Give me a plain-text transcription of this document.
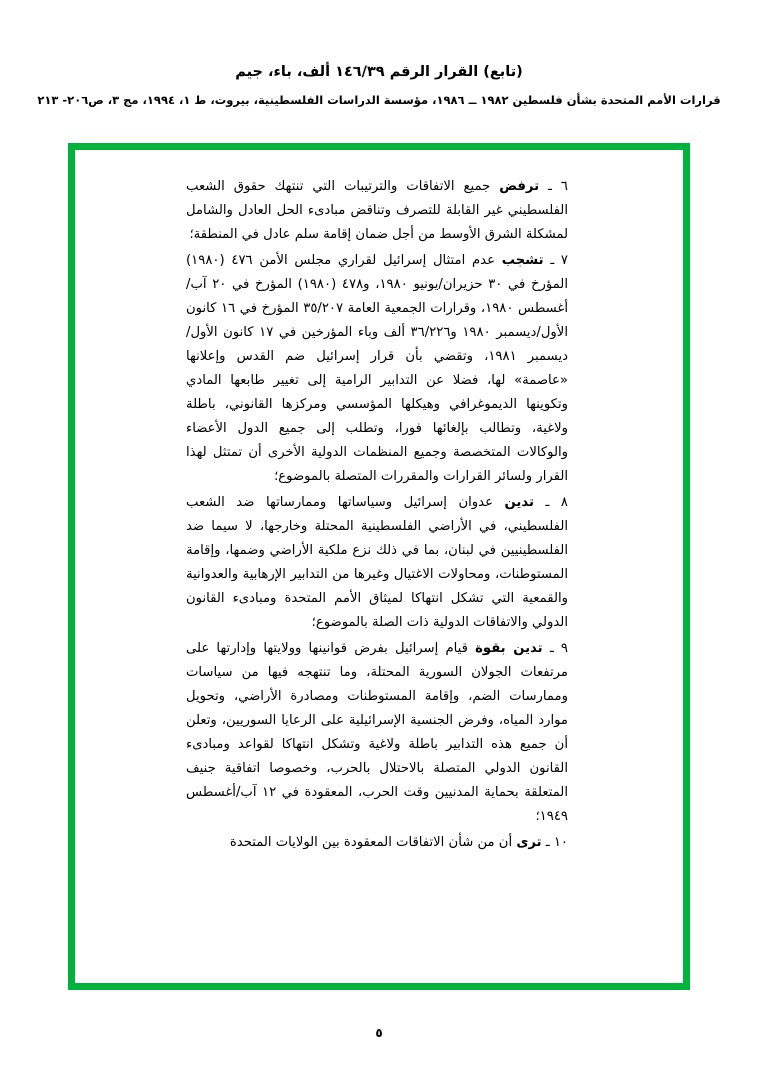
(تابع) القرار الرقم ١٤٦/٣٩ ألف، باء، جيم
قرارات الأمم المتحدة بشأن فلسطين ١٩٨٢ ــ ١٩٨٦، مؤسسة الدراسات الفلسطينية، بيروت، ط ١، ١٩٩٤، مج ٣، ص٢٠٦- ٢١٣

٦ ـ ترفض جميع الاتفاقات والترتيبات التي تنتهك حقوق الشعب الفلسطيني غير القابلة للتصرف وتناقض مبادىء الحل العادل والشامل لمشكلة الشرق الأوسط من أجل ضمان إقامة سلم عادل في المنطقة؛

٧ ـ تشجب عدم امتثال إسرائيل لقراري مجلس الأمن ٤٧٦ (١٩٨٠) المؤرخ في ٣٠ حزيران/يونيو ١٩٨٠، و٤٧٨ (١٩٨٠) المؤرخ في ٢٠ آب/أغسطس ١٩٨٠، وقرارات الجمعية العامة ٣٥/٢٠٧ المؤرخ في ١٦ كانون الأول/ديسمبر ١٩٨٠ و٣٦/٢٢٦ ألف وباء المؤرخين في ١٧ كانون الأول/ديسمبر ١٩٨١، وتقضي بأن قرار إسرائيل ضم القدس وإعلانها «عاصمة» لها، فضلا عن التدابير الرامية إلى تغيير طابعها المادي وتكوينها الديموغرافي وهيكلها المؤسسي ومركزها القانوني، باطلة ولاغية، وتطالب بإلغائها فورا، وتطلب إلى جميع الدول الأعضاء والوكالات المتخصصة وجميع المنظمات الدولية الأخرى أن تمتثل لهذا القرار ولسائر القرارات والمقررات المتصلة بالموضوع؛

٨ ـ تدين عدوان إسرائيل وسياساتها وممارساتها ضد الشعب الفلسطيني، في الأراضي الفلسطينية المحتلة وخارجها، لا سيما ضد الفلسطينيين في لبنان، بما في ذلك نزع ملكية الأراضي وضمها، وإقامة المستوطنات، ومحاولات الاغتيال وغيرها من التدابير الإرهابية والعدوانية والقمعية التي تشكل انتهاكا لميثاق الأمم المتحدة ومبادىء القانون الدولي والاتفاقات الدولية ذات الصلة بالموضوع؛

٩ ـ تدين بقوة قيام إسرائيل بفرض قوانينها وولايتها وإدارتها على مرتفعات الجولان السورية المحتلة، وما تنتهجه فيها من سياسات وممارسات الضم، وإقامة المستوطنات ومصادرة الأراضي، وتحويل موارد المياه، وفرض الجنسية الإسرائيلية على الرعايا السوريين، وتعلن أن جميع هذه التدابير باطلة ولاغية وتشكل انتهاكا لقواعد ومبادىء القانون الدولي المتصلة بالاحتلال بالحرب، وخصوصا اتفاقية جنيف المتعلقة بحماية المدنيين وقت الحرب، المعقودة في ١٢ آب/أغسطس ١٩٤٩؛

١٠ ـ ترى أن من شأن الاتفاقات المعقودة بين الولايات المتحدة

٥
